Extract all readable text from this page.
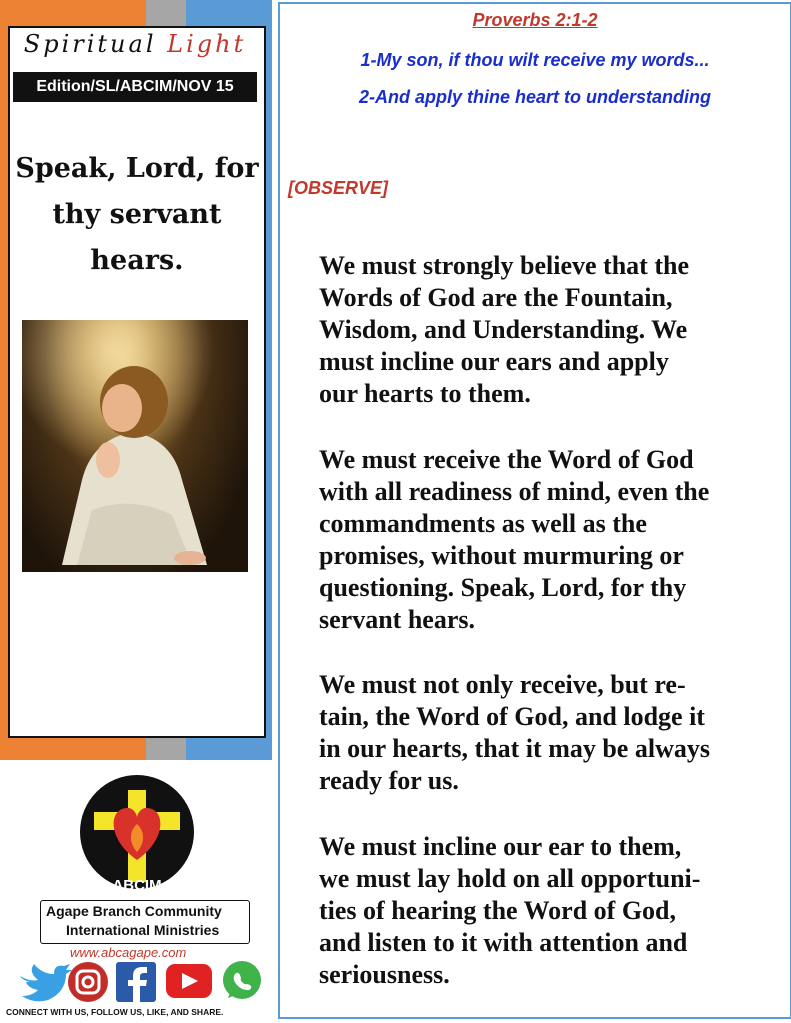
Spiritual Light
Edition/SL/ABCIM/NOV 15
Speak, Lord, for
thy servant
hears.
ABCIM
Agape Branch Community
International Ministries
www.abcagape.com
CONNECT WITH US, FOLLOW US, LIKE, AND SHARE.
Proverbs 2:1-2
1-My son, if thou wilt receive my words...
2-And apply thine heart to understanding
[OBSERVE]

We must strongly believe that the
Words of God are the Fountain,
Wisdom, and Understanding. We
must incline our ears and apply
our hearts to them.

We must receive the Word of God
with all readiness of mind, even the
commandments as well as the
promises, without murmuring or
questioning. Speak, Lord, for thy
servant hears.

We must not only receive, but re-
tain, the Word of God, and lodge it
in our hearts, that it may be always
ready for us.

We must incline our ear to them,
we must lay hold on all opportuni-
ties of hearing the Word of God,
and listen to it with attention and
seriousness.
